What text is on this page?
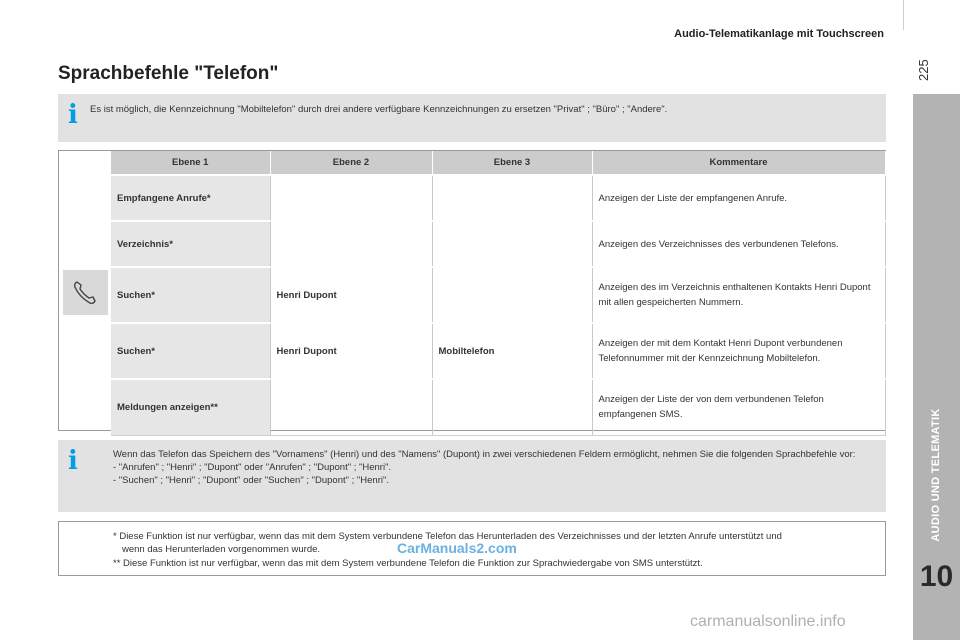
Audio-Telematikanlage mit Touchscreen
225
AUDIO UND TELEMATIK
10
Sprachbefehle "Telefon"
i Es ist möglich, die Kennzeichnung "Mobiltelefon" durch drei andere verfügbare Kennzeichnungen zu ersetzen "Privat" ; "Büro" ; "Andere".
Ebene 1	Ebene 2	Ebene 3	Kommentare
Empfangene Anrufe*			Anzeigen der Liste der empfangenen Anrufe.
Verzeichnis*			Anzeigen des Verzeichnisses des verbundenen Telefons.
Suchen*	Henri Dupont		Anzeigen des im Verzeichnis enthaltenen Kontakts Henri Dupont mit allen gespeicherten Nummern.
Suchen*	Henri Dupont	Mobiltelefon	Anzeigen der mit dem Kontakt Henri Dupont verbundenen Telefonnummer mit der Kennzeichnung Mobiltelefon.
Meldungen anzeigen**			Anzeigen der Liste der von dem verbundenen Telefon empfangenen SMS.
i	Wenn das Telefon das Speichern des "Vornamens" (Henri) und des "Namens" (Dupont) in zwei verschiedenen Feldern ermöglicht, nehmen Sie die folgenden Sprachbefehle vor:
- "Anrufen" ; "Henri" ; "Dupont" oder "Anrufen" ; "Dupont" ; "Henri".
- "Suchen" ; "Henri" ; "Dupont" oder "Suchen" ; "Dupont" ; "Henri".
* Diese Funktion ist nur verfügbar, wenn das mit dem System verbundene Telefon das Herunterladen des Verzeichnisses und der letzten Anrufe unterstützt und
wenn das Herunterladen vorgenommen wurde.
** Diese Funktion ist nur verfügbar, wenn das mit dem System verbundene Telefon die Funktion zur Sprachwiedergabe von SMS unterstützt.
CarManuals2.com
carmanualsonline.info
